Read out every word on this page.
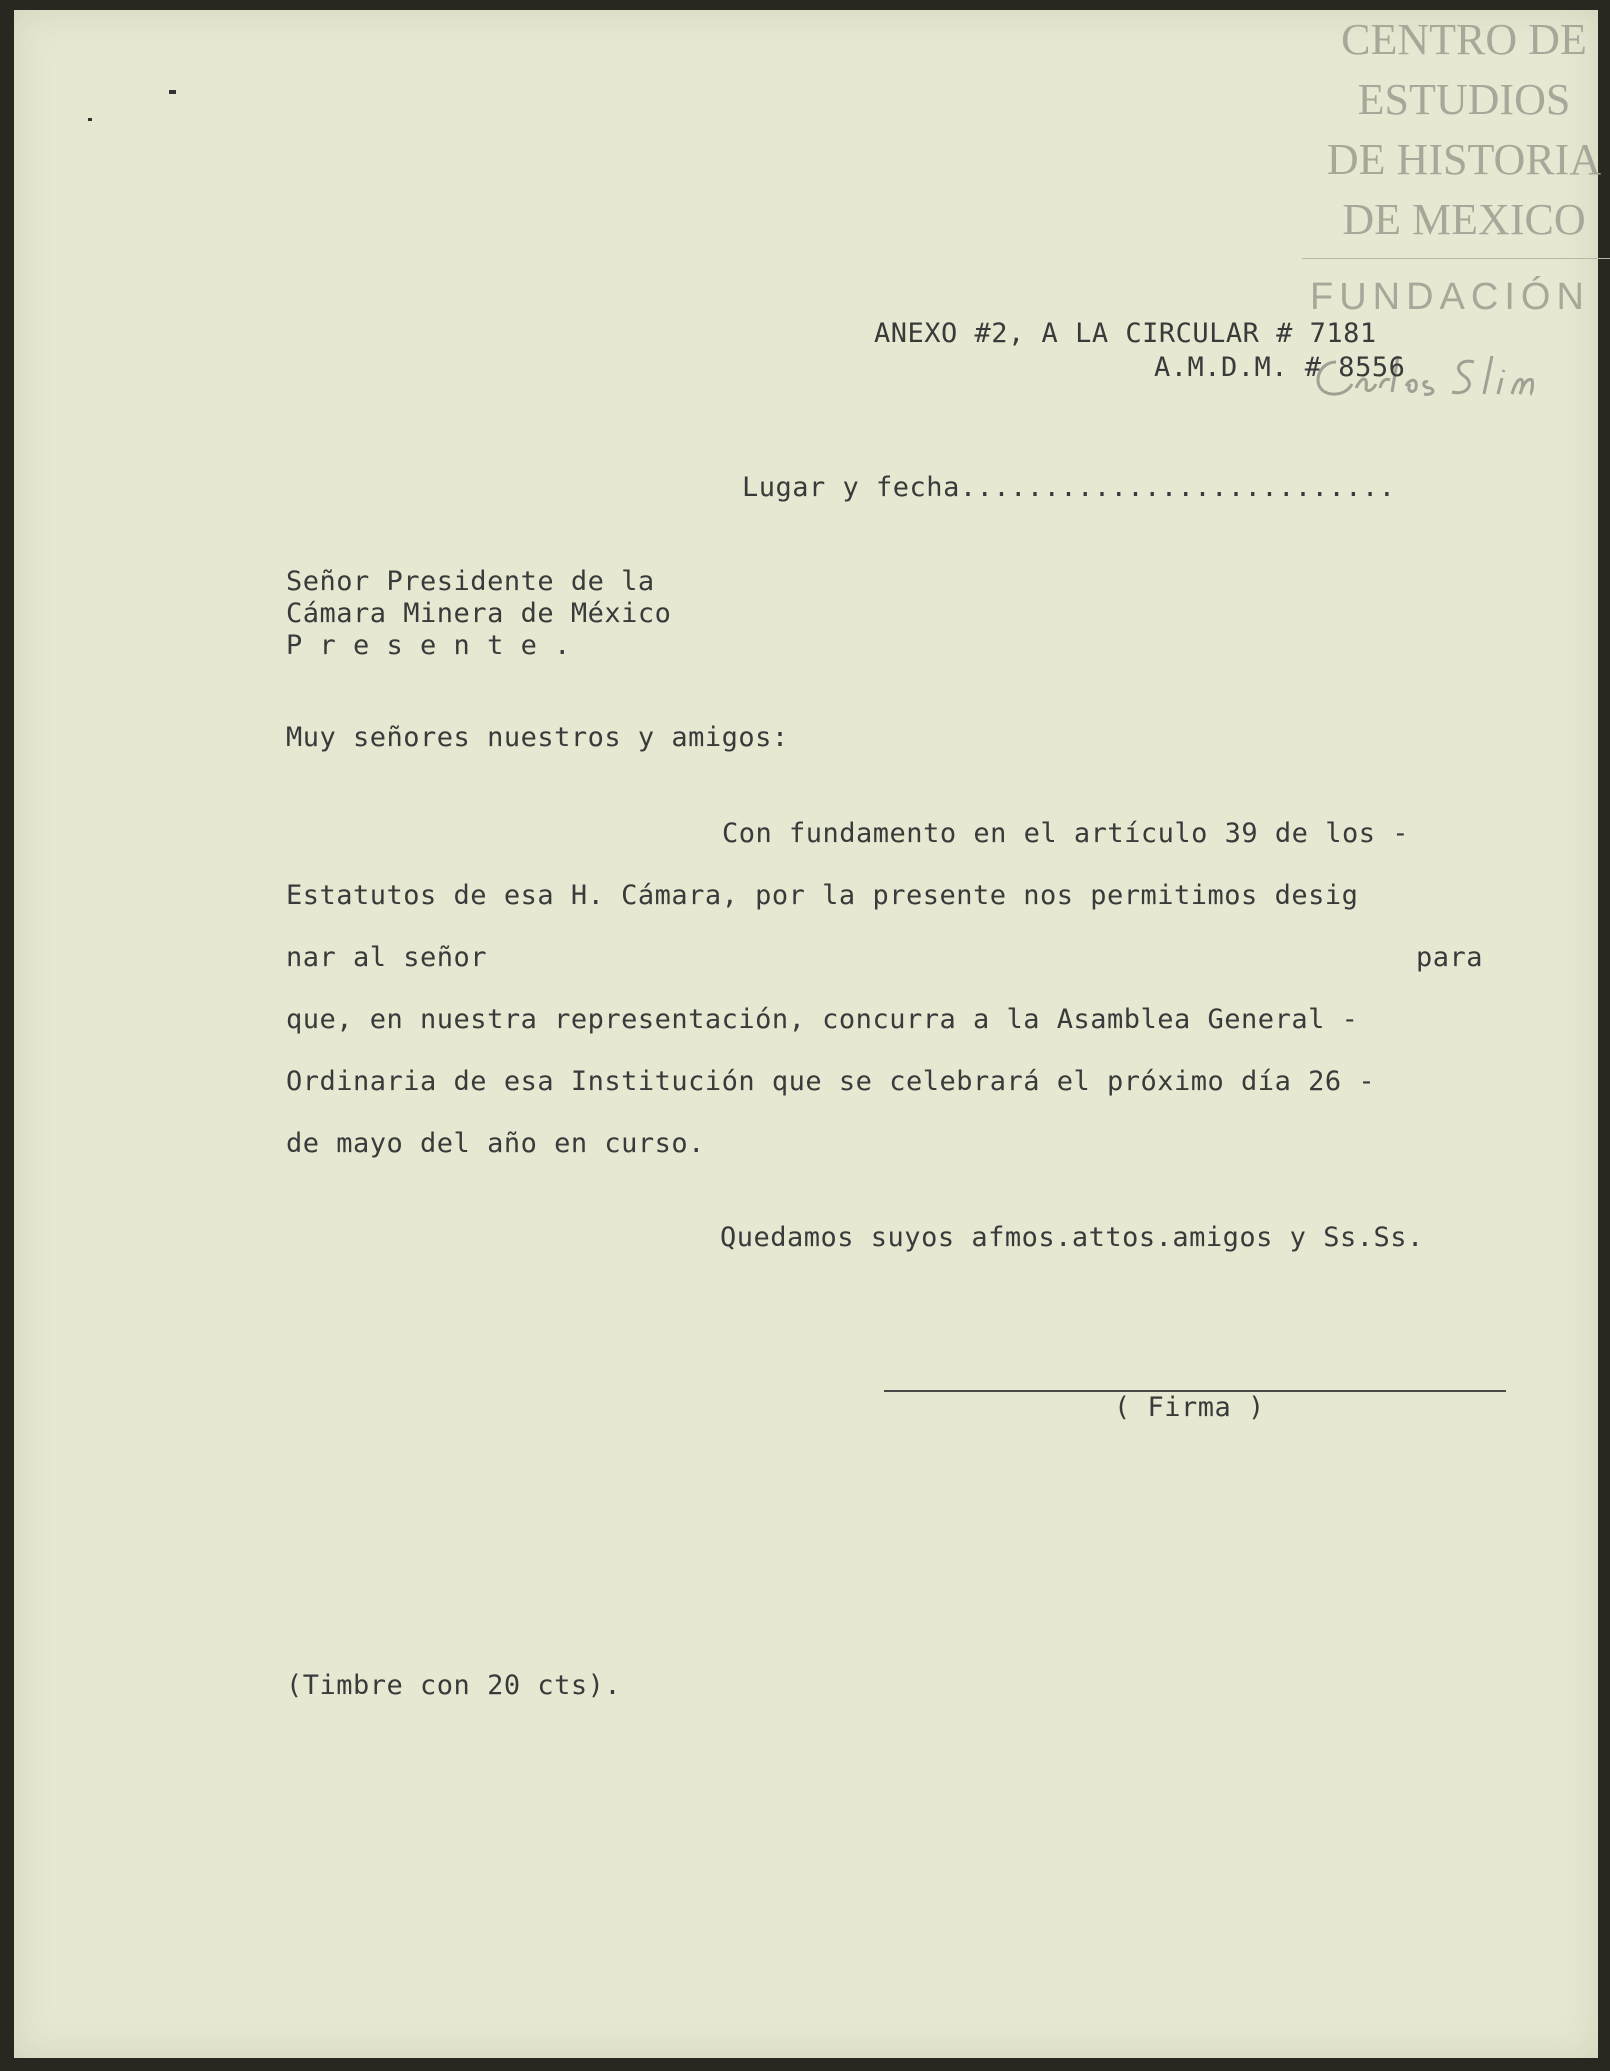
CENTRO DE
ESTUDIOS
DE HISTORIA
DE MEXICO
FUNDACIÓN
ANEXO #2, A LA CIRCULAR # 7181
A.M.D.M. # 8556
Lugar y fecha..........................
Señor Presidente de la
Cámara Minera de México
P r e s e n t e .
Muy señores nuestros y amigos:
Con fundamento en el artículo 39 de los -
Estatutos de esa H. Cámara, por la presente nos permitimos desig
nar al señor	para
que, en nuestra representación, concurra a la Asamblea General -
Ordinaria de esa Institución que se celebrará el próximo día 26 -
de mayo del año en curso.
Quedamos suyos afmos.attos.amigos y Ss.Ss.
( Firma )
(Timbre con 20 cts).
